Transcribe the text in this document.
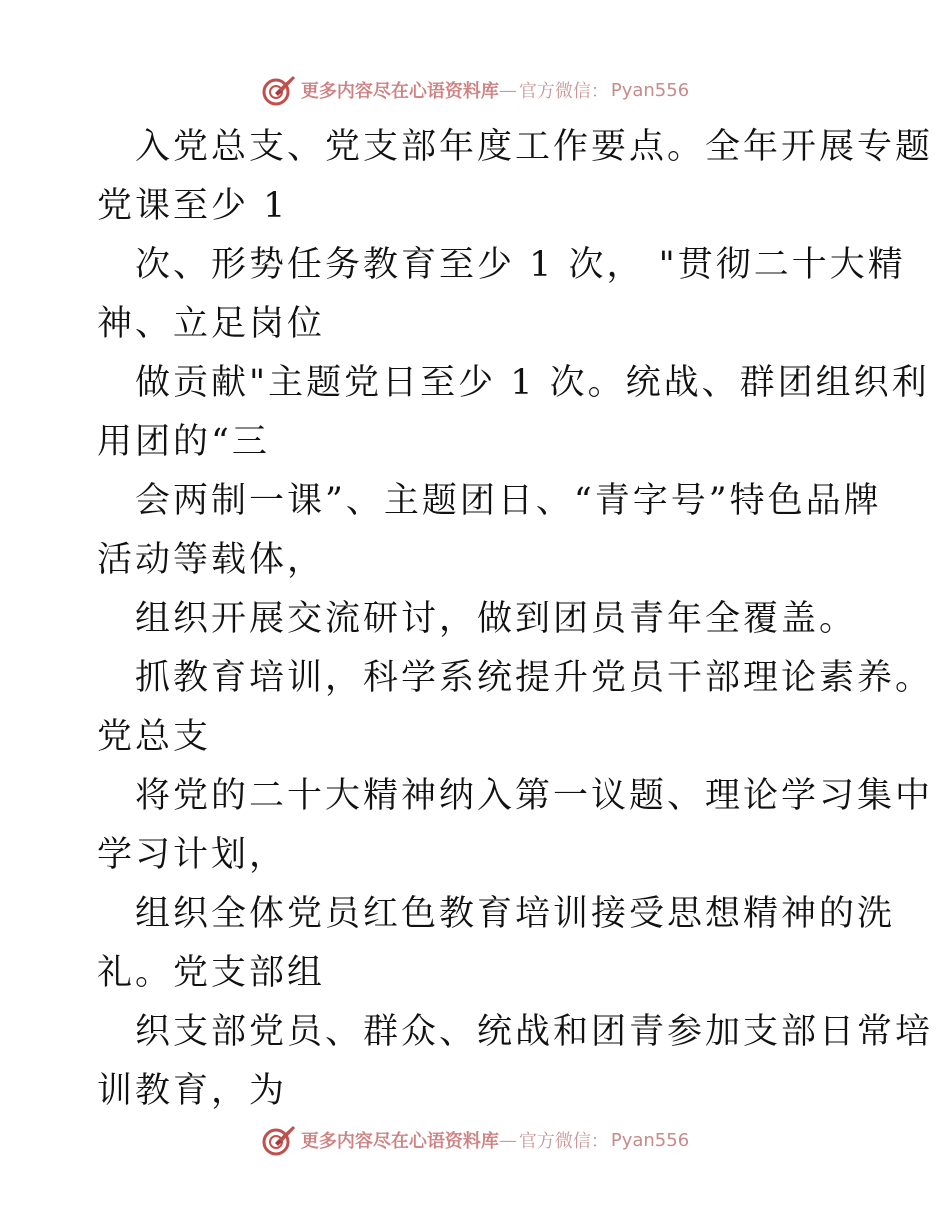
更多内容尽在心语资料库 — 官方微信： Pyan556
入党总支、党支部年度工作要点。全年开展专题
党课至少 1
次、形势任务教育至少 1 次， "贯彻二十大精
神、立足岗位
做贡献"主题党日至少 1 次。统战、群团组织利
用团的“三
会两制一课”、主题团日、“青字号”特色品牌
活动等载体，
组织开展交流研讨，做到团员青年全覆盖。
抓教育培训，科学系统提升党员干部理论素养。
党总支
将党的二十大精神纳入第一议题、理论学习集中
学习计划，
组织全体党员红色教育培训接受思想精神的洗
礼。党支部组
织支部党员、群众、统战和团青参加支部日常培
训教育，为
更多内容尽在心语资料库 — 官方微信： Pyan556
